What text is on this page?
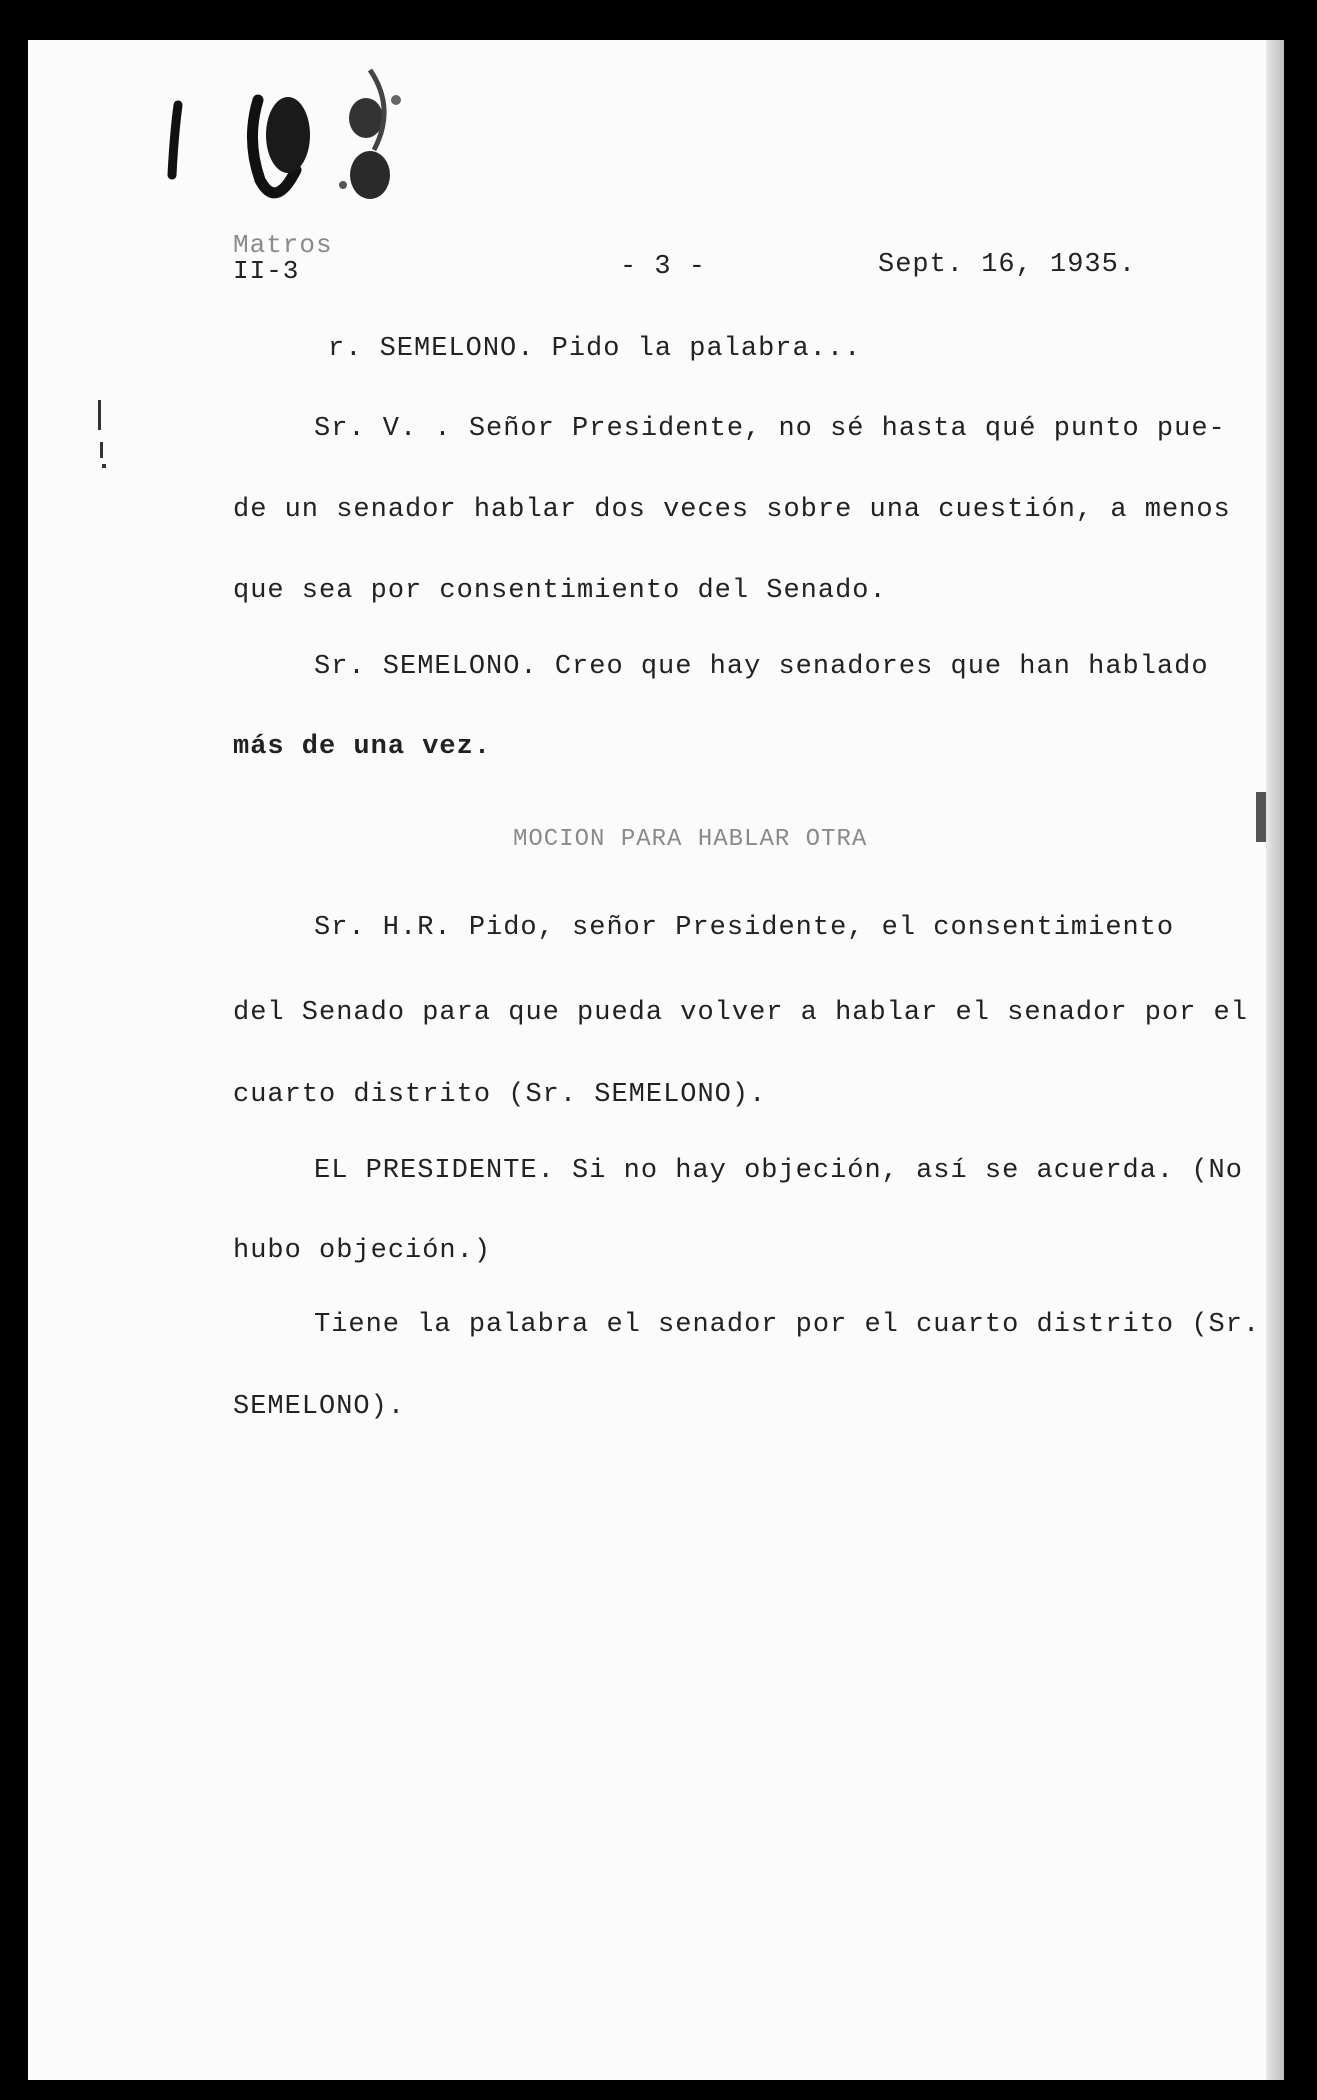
Matros
II-3	- 3 -	Sept. 16, 1935.
r. SEMELONO. Pido la palabra...
Sr. V. . Señor Presidente, no sé hasta qué punto pue-
de un senador hablar dos veces sobre una cuestión, a menos
que sea por consentimiento del Senado.
Sr. SEMELONO. Creo que hay senadores que han hablado
más de una vez.
MOCION PARA HABLAR OTRA
Sr. H.R. Pido, señor Presidente, el consentimiento
del Senado para que pueda volver a hablar el senador por el
cuarto distrito (Sr. SEMELONO).
EL PRESIDENTE. Si no hay objeción, así se acuerda. (No
hubo objeción.)
Tiene la palabra el senador por el cuarto distrito (Sr.
SEMELONO).
